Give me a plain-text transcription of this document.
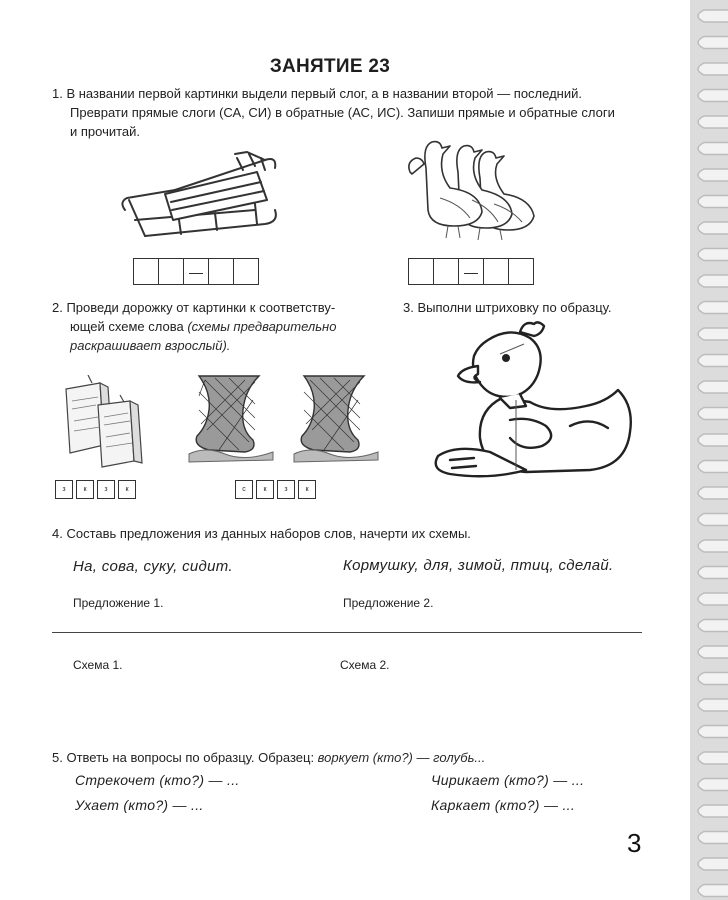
ЗАНЯТИЕ 23
1. В названии первой картинки выдели первый слог, а в названии второй — последний.
Преврати прямые слоги (СА, СИ) в обратные (АС, ИС). Запиши прямые и обратные слоги
и прочитай.
—	—
2. Проведи дорожку от картинки к соответству-
ющей схеме слова (схемы предварительно
раскрашивает взрослый).
3. Выполни штриховку по образцу.
з	к	з	к	с	к	з	к
4. Составь предложения из данных наборов слов, начерти их схемы.
На, сова, суку, сидит.	Кормушку, для, зимой, птиц, сделай.
Предложение 1.	Предложение 2.
Схема 1.	Схема 2.
5. Ответь на вопросы по образцу. Образец: воркует (кто?) — голубь...
Стрекочет (кто?) — ...	Чирикает (кто?) — ...
Ухает (кто?) — ...	Каркает (кто?) — ...
3
